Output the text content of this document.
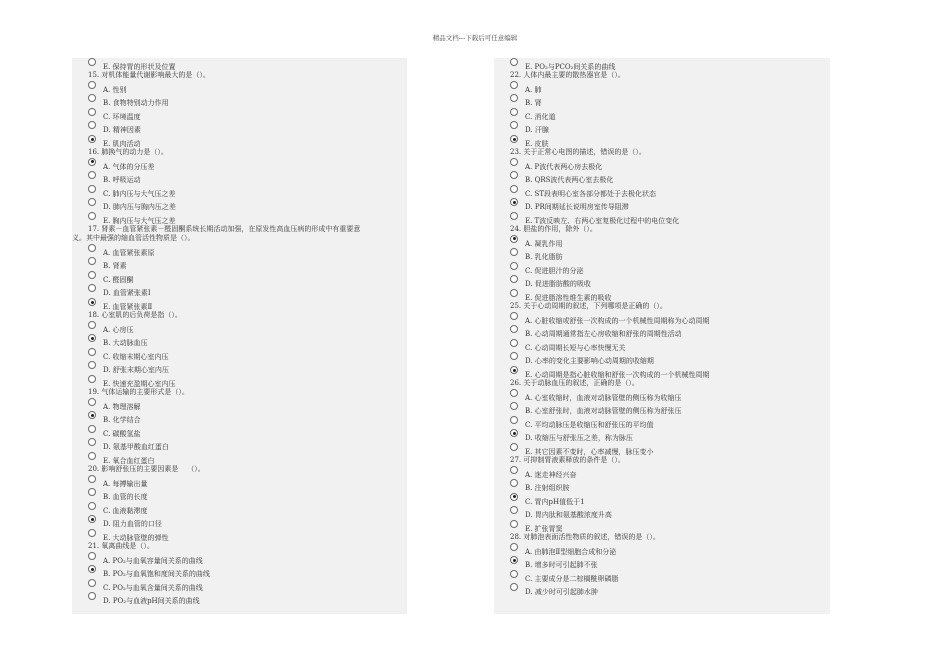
精品文档---下载后可任意编辑
E. 保持胃的形状及位置
15. 对机体能量代谢影响最大的是（）。
A. 性别
B. 食物特别动力作用
C. 环境温度
D. 精神因素
E. 肌肉活动
16. 肺换气的动力是（）。
A. 气体的分压差
B. 呼吸运动
C. 肺内压与大气压之差
D. 肺内压与胸内压之差
E. 胸内压与大气压之差
17. 肾素－血管紧张素－醛固酮系统长期活动加强，在原发性高血压病的形成中有重要意
义。其中最强的缩血管活性物质是（）。
A. 血管紧张素原
B. 肾素
C. 醛固酮
D. 血管紧张素Ⅰ
E. 血管紧张素Ⅱ
18. 心室肌的后负荷是指（）。
A. 心房压
B. 大动脉血压
C. 收缩末期心室内压
D. 舒张末期心室内压
E. 快速充盈期心室内压
19. 气体运输的主要形式是（）。
A. 物理溶解
B. 化学结合
C. 碳酸氢盐
D. 氨基甲酸血红蛋白
E. 氧合血红蛋白
20. 影响舒张压的主要因素是    （）。
A. 每搏输出量
B. 血管的长度
C. 血液黏滞度
D. 阻力血管的口径
E. 大动脉管壁的弹性
21. 氧离曲线是（）。
A. PO₂与血氧容量间关系的曲线
B. PO₂与血氧饱和度间关系的曲线
C. PO₂与血氧含量间关系的曲线
D. PO₂与血液pH间关系的曲线
E. PO₂与PCO₂间关系的曲线
22. 人体内最主要的散热器官是（）。
A. 肺
B. 肾
C. 消化道
D. 汗腺
E. 皮肤
23. 关于正常心电图的描述，错误的是（）。
A. P波代表两心房去极化
B. QRS波代表两心室去极化
C. ST段表明心室各部分都处于去极化状态
D. PR间期延长说明房室传导阻滞
E. T波反映左、右两心室复极化过程中的电位变化
24. 胆盐的作用，除外（）。
A. 凝乳作用
B. 乳化脂肪
C. 促进胆汁的分泌
D. 促进脂肪酸的吸收
E. 促进脂溶性维生素的吸收
25. 关于心动周期的叙述，下列哪项是正确的（）。
A. 心脏收缩或舒张一次构成的一个机械性周期称为心动周期
B. 心动周期通常指左心房收缩和舒张的周期性活动
C. 心动周期长短与心率快慢无关
D. 心率的变化主要影响心动周期的收缩期
E. 心动周期是指心脏收缩和舒张一次构成的一个机械性周期
26. 关于动脉血压的叙述，正确的是（）。
A. 心室收缩时，血液对动脉管壁的侧压称为收缩压
B. 心室舒张时，血液对动脉管壁的侧压称为舒张压
C. 平均动脉压是收缩压和舒张压的平均值
D. 收缩压与舒张压之差，称为脉压
E. 其它因素不变时，心率减慢，脉压变小
27. 可抑制胃液素释放的条件是（）。
A. 迷走神经兴奋
B. 注射组织胺
C. 胃内pH值低于1
D. 胃内肽和氨基酸浓度升高
E. 扩张胃窦
28. 对肺泡表面活性物质的叙述，错误的是（）。
A. 由肺泡Ⅱ型细胞合成和分泌
B. 增多时可引起肺不张
C. 主要成分是二棕榈酰卵磷脂
D. 减少时可引起肺水肿
